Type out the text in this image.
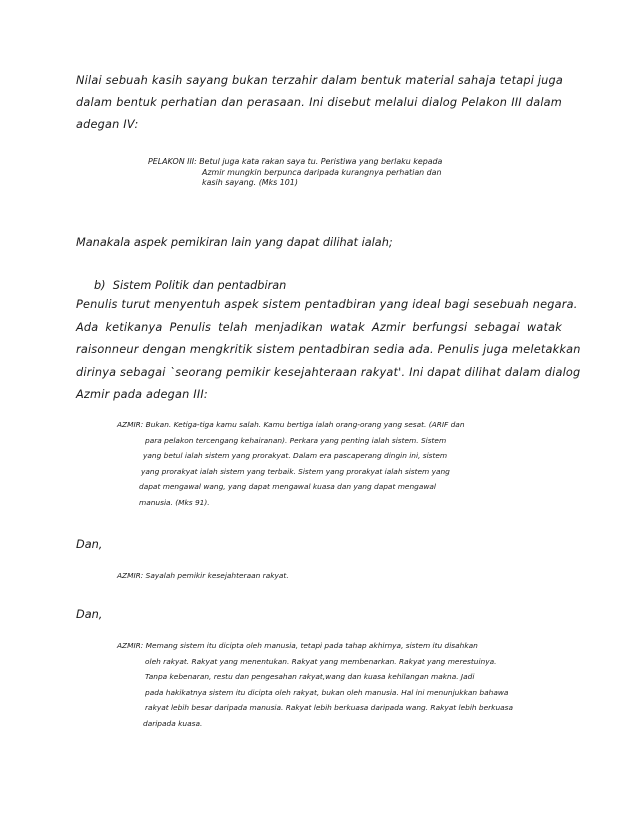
Nilai sebuah kasih sayang bukan terzahir dalam bentuk material sahaja tetapi juga
dalam bentuk perhatian dan perasaan. Ini disebut melalui dialog Pelakon III dalam
adegan IV:
PELAKON III: Betul juga kata rakan saya tu. Peristiwa yang berlaku kepada
Azmir mungkin berpunca daripada kurangnya perhatian dan
kasih sayang. (Mks 101)

Manakala aspek pemikiran lain yang dapat dilihat ialah;

b) Sistem Politik dan pentadbiran

Penulis turut menyentuh aspek sistem pentadbiran yang ideal bagi sesebuah negara.
Ada ketikanya Penulis telah menjadikan watak Azmir berfungsi sebagai watak
raisonneur dengan mengkritik sistem pentadbiran sedia ada. Penulis juga meletakkan
dirinya sebagai `seorang pemikir kesejahteraan rakyat'. Ini dapat dilihat dalam dialog
Azmir pada adegan III:
AZMIR: Bukan. Ketiga-tiga kamu salah. Kamu bertiga ialah orang-orang yang sesat. (ARIF dan
para pelakon tercengang kehairanan). Perkara yang penting ialah sistem. Sistem
yang betul ialah sistem yang prorakyat. Dalam era pascaperang dingin ini, sistem
yang prorakyat ialah sistem yang terbaik. Sistem yang prorakyat ialah sistem yang
dapat mengawal wang, yang dapat mengawal kuasa dan yang dapat mengawal
manusia. (Mks 91).

Dan,

AZMIR: Sayalah pemikir kesejahteraan rakyat.

Dan,

AZMIR: Memang sistem itu dicipta oleh manusia, tetapi pada tahap akhirnya, sistem itu disahkan
oleh rakyat. Rakyat yang menentukan. Rakyat yang membenarkan. Rakyat yang merestuinya.
Tanpa kebenaran, restu dan pengesahan rakyat,wang dan kuasa kehilangan makna. Jadi
pada hakikatnya sistem itu dicipta oleh rakyat, bukan oleh manusia. Hal ini menunjukkan bahawa
rakyat lebih besar daripada manusia. Rakyat lebih berkuasa daripada wang. Rakyat lebih berkuasa
daripada kuasa.
